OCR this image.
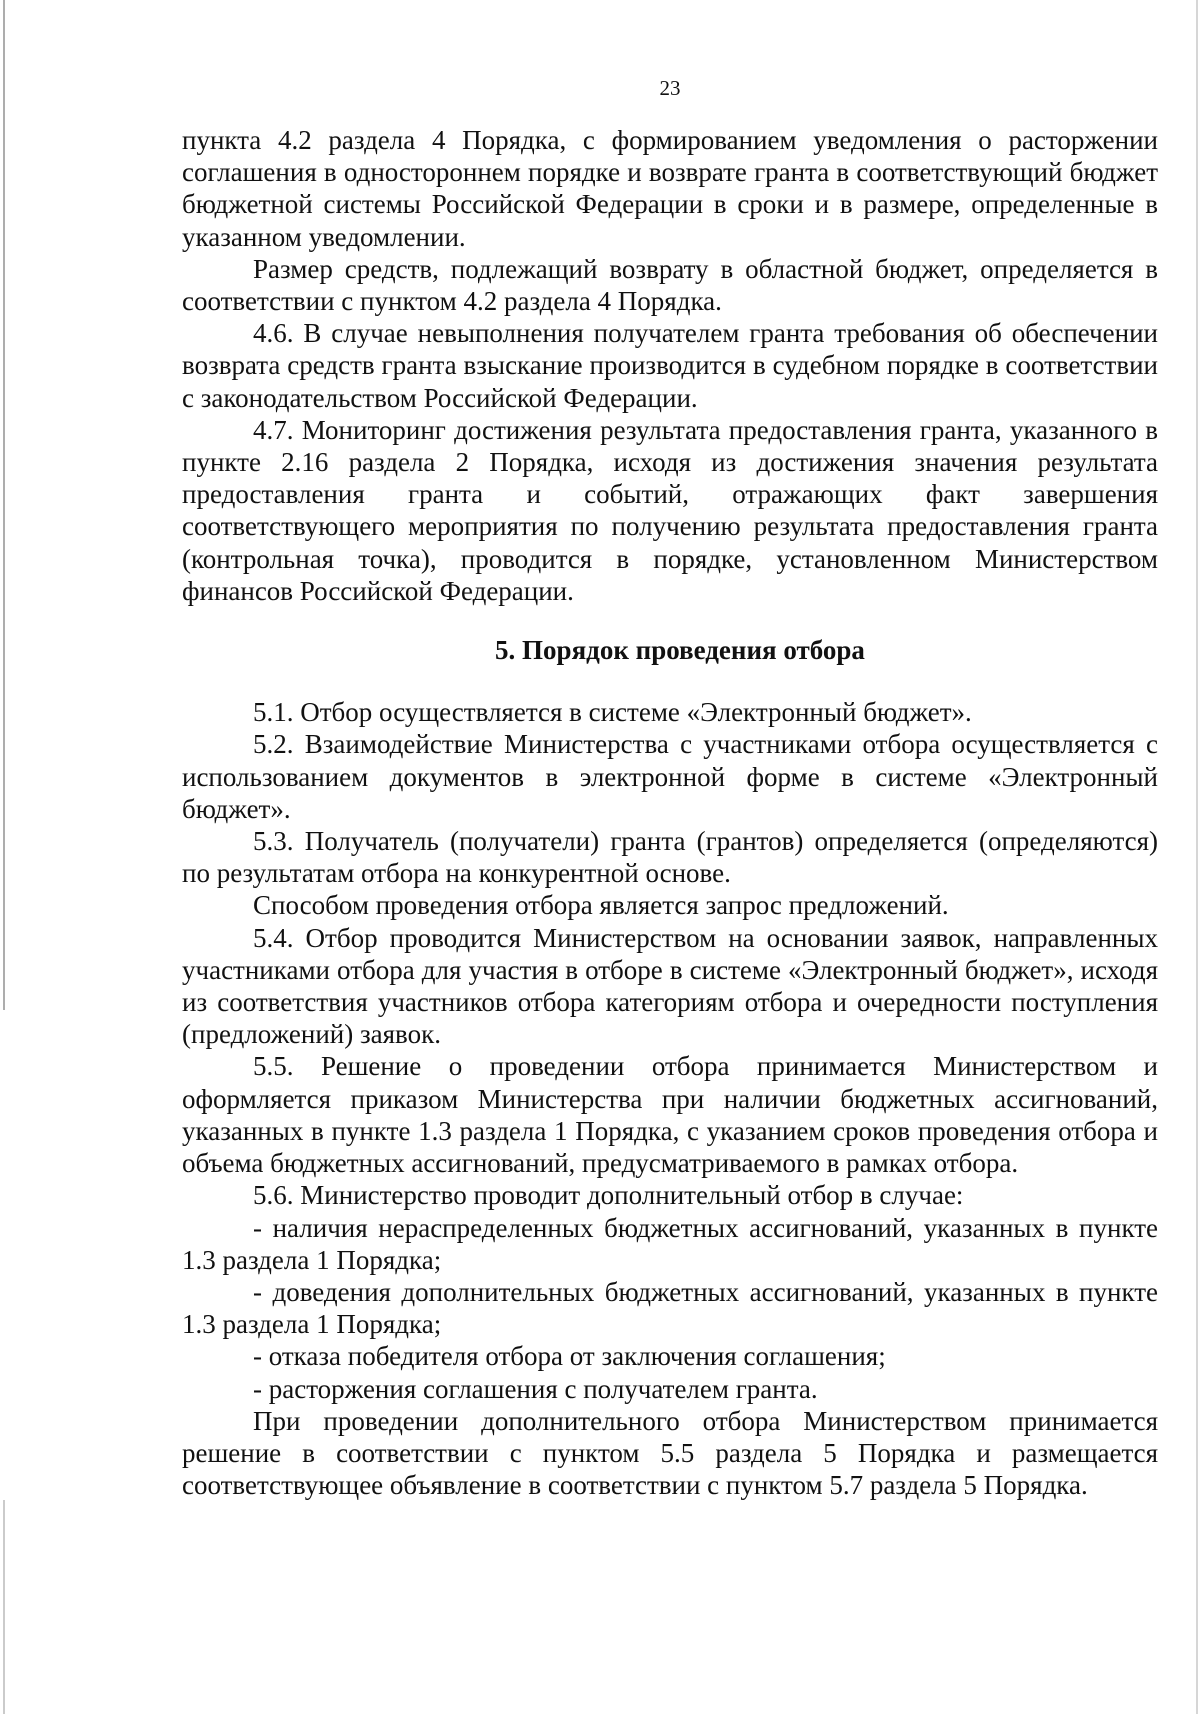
23

пункта 4.2 раздела 4 Порядка, с формированием уведомления о расторжении соглашения в одностороннем порядке и возврате гранта в соответствующий бюджет бюджетной системы Российской Федерации в сроки и в размере, определенные в указанном уведомлении.

Размер средств, подлежащий возврату в областной бюджет, определяется в соответствии с пунктом 4.2 раздела 4 Порядка.

4.6. В случае невыполнения получателем гранта требования об обеспечении возврата средств гранта взыскание производится в судебном порядке в соответствии с законодательством Российской Федерации.

4.7. Мониторинг достижения результата предоставления гранта, указанного в пункте 2.16 раздела 2 Порядка, исходя из достижения значения результата предоставления гранта и событий, отражающих факт завершения соответствующего мероприятия по получению результата предоставления гранта (контрольная точка), проводится в порядке, установленном Министерством финансов Российской Федерации.

5. Порядок проведения отбора

5.1. Отбор осуществляется в системе «Электронный бюджет».

5.2. Взаимодействие Министерства с участниками отбора осуществляется с использованием документов в электронной форме в системе «Электронный бюджет».

5.3. Получатель (получатели) гранта (грантов) определяется (определяются) по результатам отбора на конкурентной основе.

Способом проведения отбора является запрос предложений.

5.4. Отбор проводится Министерством на основании заявок, направленных участниками отбора для участия в отборе в системе «Электронный бюджет», исходя из соответствия участников отбора категориям отбора и очередности поступления (предложений) заявок.

5.5. Решение о проведении отбора принимается Министерством и оформляется приказом Министерства при наличии бюджетных ассигнований, указанных в пункте 1.3 раздела 1 Порядка, с указанием сроков проведения отбора и объема бюджетных ассигнований, предусматриваемого в рамках отбора.

5.6. Министерство проводит дополнительный отбор в случае:

- наличия нераспределенных бюджетных ассигнований, указанных в пункте 1.3 раздела 1 Порядка;

- доведения дополнительных бюджетных ассигнований, указанных в пункте 1.3 раздела 1 Порядка;

- отказа победителя отбора от заключения соглашения;

- расторжения соглашения с получателем гранта.

При проведении дополнительного отбора Министерством принимается решение в соответствии с пунктом 5.5 раздела 5 Порядка и размещается соответствующее объявление в соответствии с пунктом 5.7 раздела 5 Порядка.
